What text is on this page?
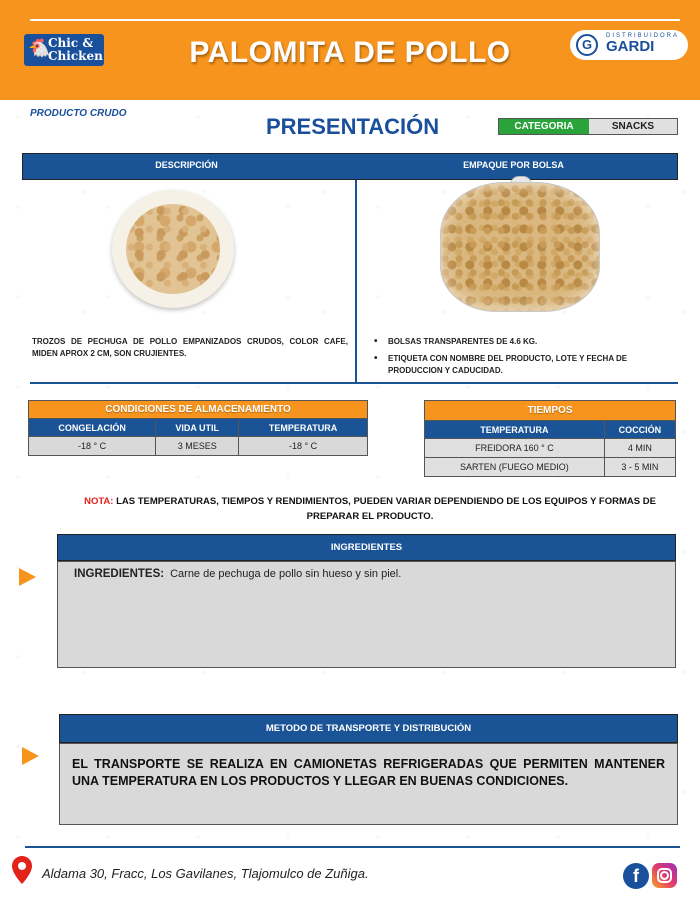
🐔
Chic &
Chicken	PALOMITA DE POLLO	G
DISTRIBUIDORA
GARDI
PRODUCTO CRUDO
PRESENTACIÓN	CATEGORIA	SNACKS
DESCRIPCIÓN	EMPAQUE POR BOLSA
TROZOS DE PECHUGA DE POLLO EMPANIZADOS CRUDOS, COLOR CAFE, MIDEN APROX 2 CM, SON CRUJIENTES.
• BOLSAS TRANSPARENTES DE 4.6 KG.
• ETIQUETA CON NOMBRE DEL PRODUCTO, LOTE Y FECHA DE PRODUCCION Y CADUCIDAD.
CONDICIONES DE ALMACENAMIENTO		
CONGELACIÓN	VIDA UTIL	TEMPERATURA
-18 ° C	3 MESES	-18 ° C
TIEMPOS	
TEMPERATURA	COCCIÓN
FREIDORA 160 ° C	4 MIN
SARTEN (FUEGO MEDIO)	3 - 5 MIN
NOTA: LAS TEMPERATURAS, TIEMPOS Y RENDIMIENTOS, PUEDEN VARIAR DEPENDIENDO DE LOS EQUIPOS Y FORMAS DE PREPARAR EL PRODUCTO.
INGREDIENTES
INGREDIENTES: Carne de pechuga de pollo sin hueso y sin piel.
METODO DE TRANSPORTE Y DISTRIBUCIÓN
EL TRANSPORTE SE REALIZA EN CAMIONETAS REFRIGERADAS QUE PERMITEN MANTENER UNA TEMPERATURA EN LOS PRODUCTOS Y LLEGAR EN BUENAS CONDICIONES.
Aldama 30, Fracc, Los Gavilanes, Tlajomulco de Zuñiga.	f
